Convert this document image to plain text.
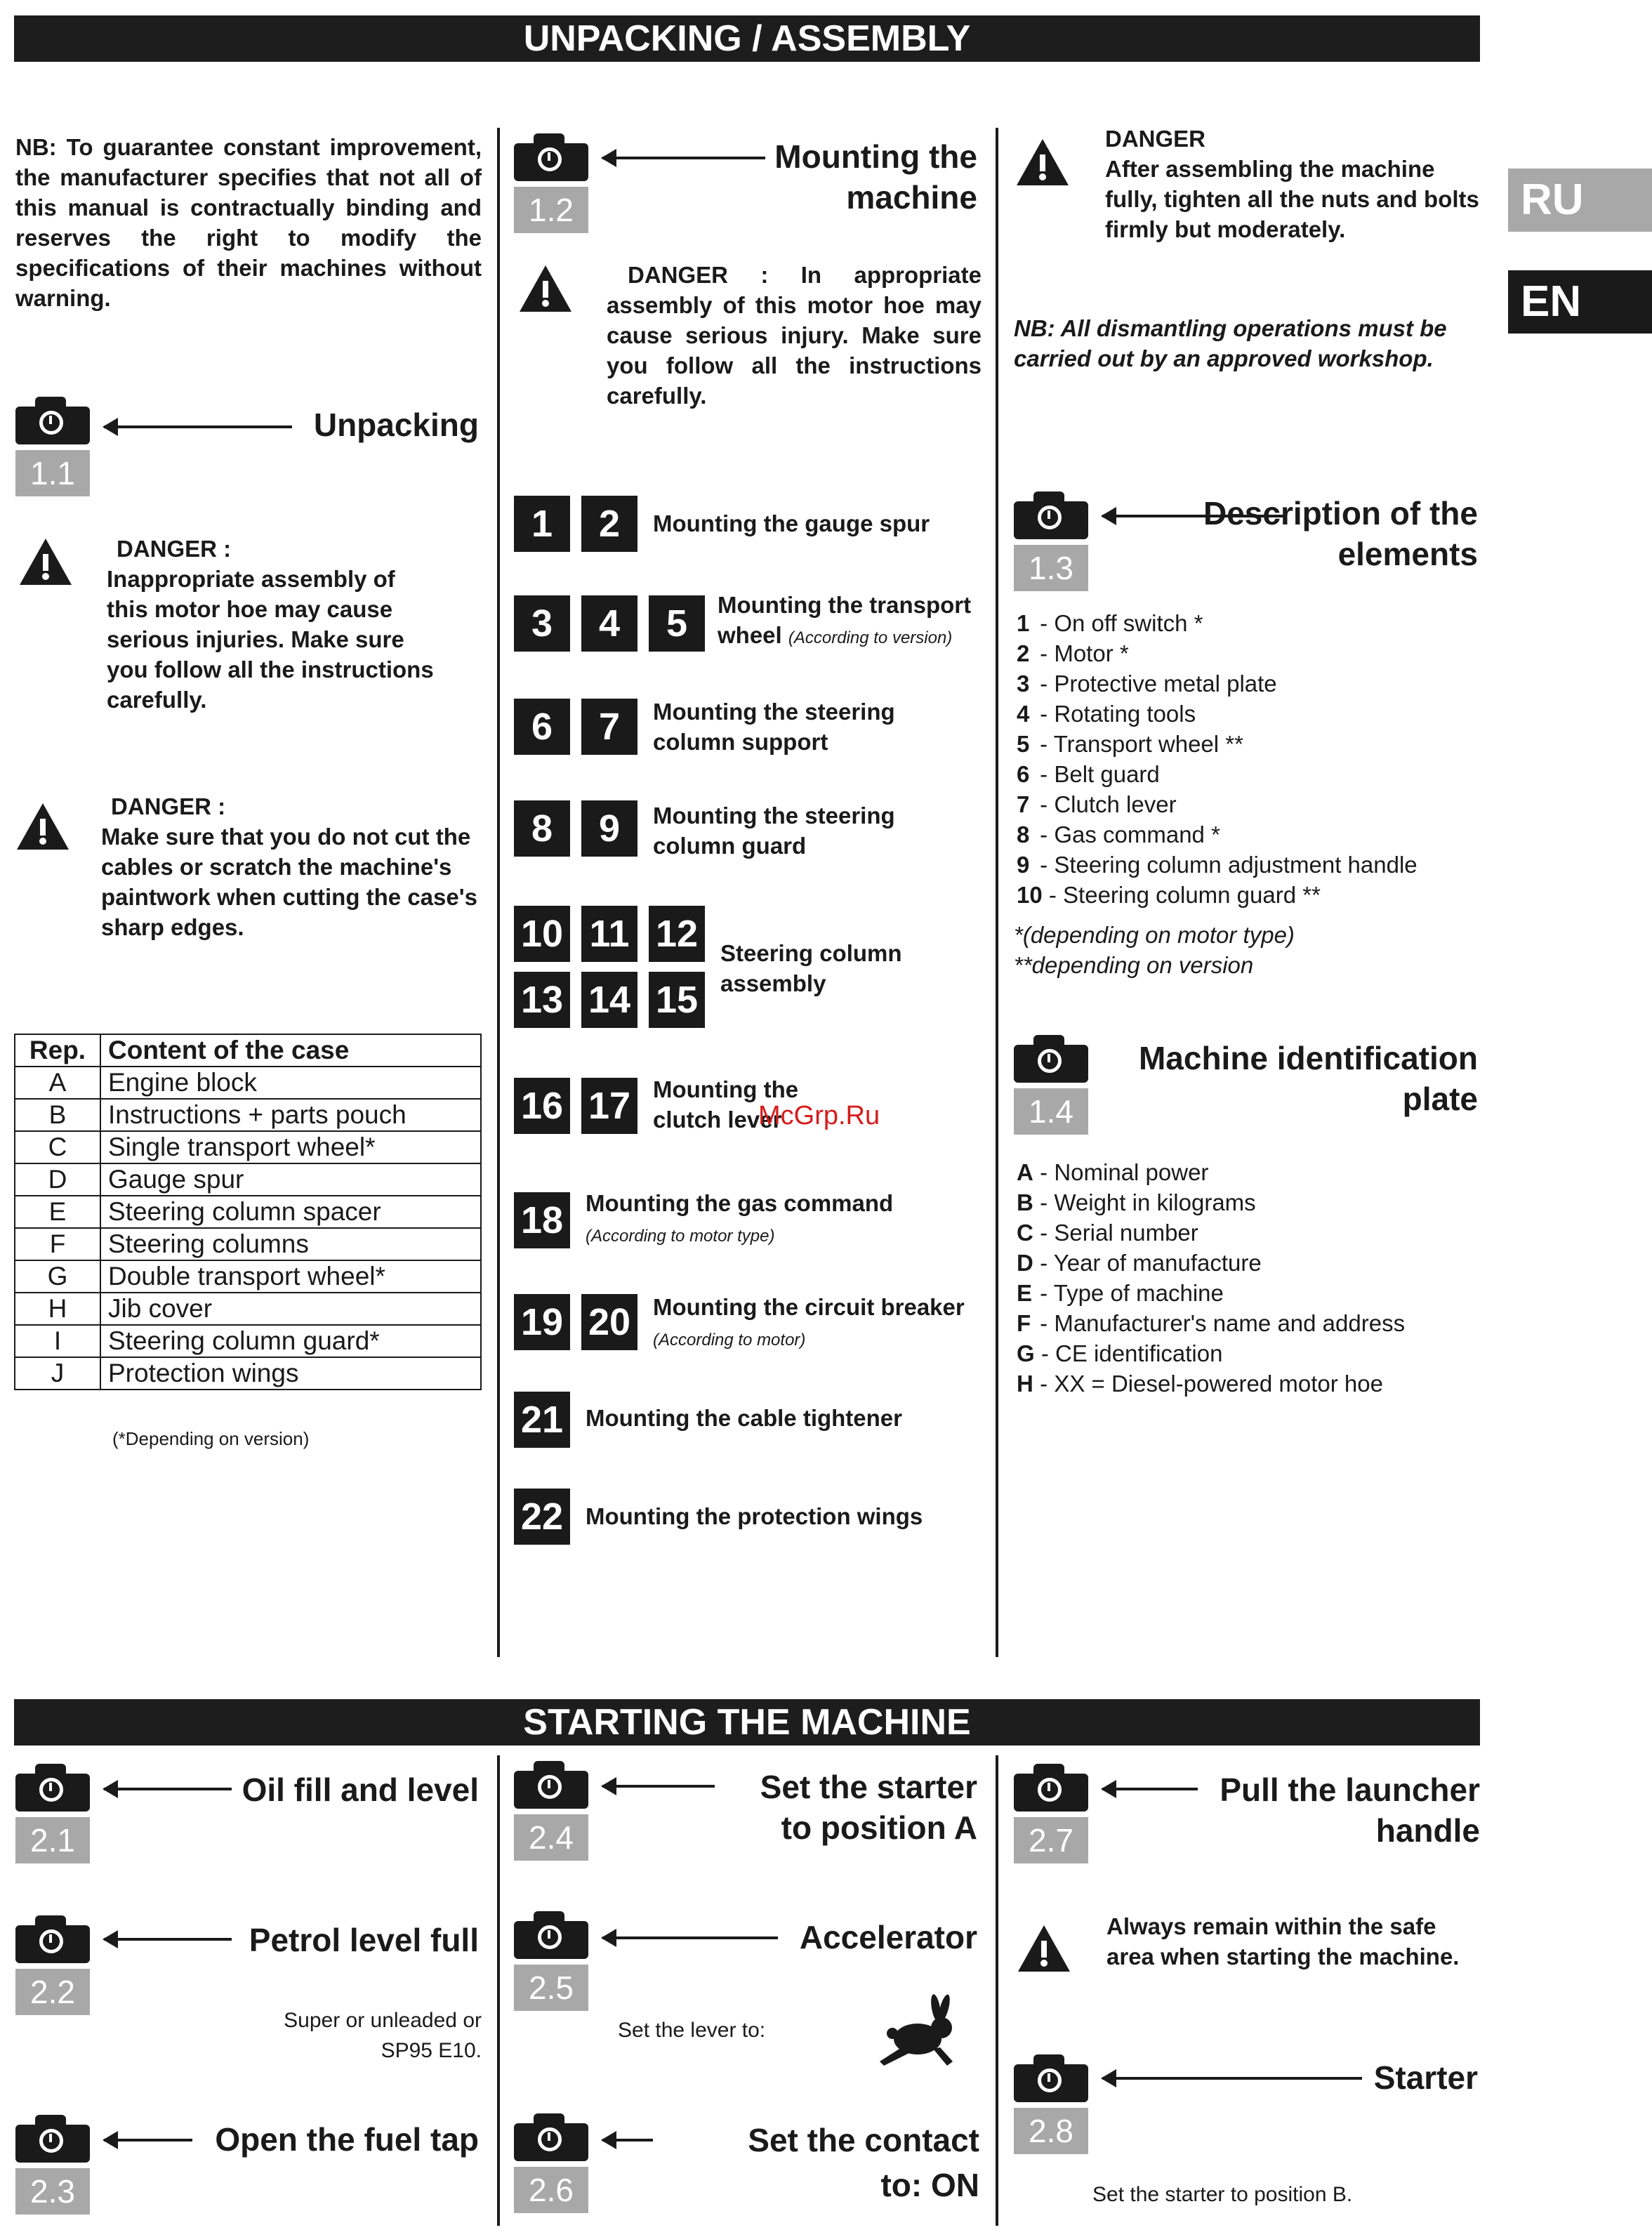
UNPACKING / ASSEMBLY
STARTING THE MACHINE
RU
EN
NB: To guarantee constant improvement, the manufacturer specifies that not all of this manual is contractually binding and reserves the right to modify the specifications of their machines without warning.
1.1
Unpacking
DANGER :
Inappropriate assembly of this motor hoe may cause serious injuries. Make sure you follow all the instructions carefully.
DANGER :
Make sure that you do not cut the cables or scratch the machine's paintwork when cutting the case's sharp edges.
Rep.	Content of the case
A	Engine block
B	Instructions + parts pouch
C	Single transport wheel*
D	Gauge spur
E	Steering column spacer
F	Steering columns
G	Double transport wheel*
H	Jib cover
I	Steering column guard*
J	Protection wings
(*Depending on version)
1.2
Mounting the machine
DANGER : In appropriate assembly of this motor hoe may cause serious injury. Make sure you follow all the instructions carefully.
1	2	Mounting the gauge spur
3	4	5	Mounting the transport wheel (According to version)
6	7	Mounting the steering column support
8	9	Mounting the steering column guard
10 11 12
13 14 15
Steering column assembly
16 17 Mounting the clutch lever
18 Mounting the gas command (According to motor type)
19 20 Mounting the circuit breaker
(According to motor)
21 Mounting the cable tightener
22 Mounting the protection wings
McGrp.Ru
DANGER
After assembling the machine fully, tighten all the nuts and bolts firmly but moderately.
NB: All dismantling operations must be carried out by an approved workshop.
1.3
Description of the elements
1 - On off switch *
2 - Motor *
3 - Protective metal plate
4 - Rotating tools
5 - Transport wheel **
6 - Belt guard
7 - Clutch lever
8 - Gas command *
9 - Steering column adjustment handle
10 - Steering column guard **
*(depending on motor type)
**depending on version
1.4
Machine identification plate
A - Nominal power
B - Weight in kilograms
C - Serial number
D - Year of manufacture
E - Type of machine
F - Manufacturer's name and address
G - CE identification
H - XX = Diesel-powered motor hoe
2.1
Oil fill and level
2.2
Petrol level full
Super or unleaded or SP95 E10.
2.3
Open the fuel tap
2.4
Set the starter to position A
2.5
Accelerator
Set the lever to:
2.6
Set the contact to: ON
2.7
Pull the launcher handle
Always remain within the safe area when starting the machine.
2.8
Starter
Set the starter to position B.
